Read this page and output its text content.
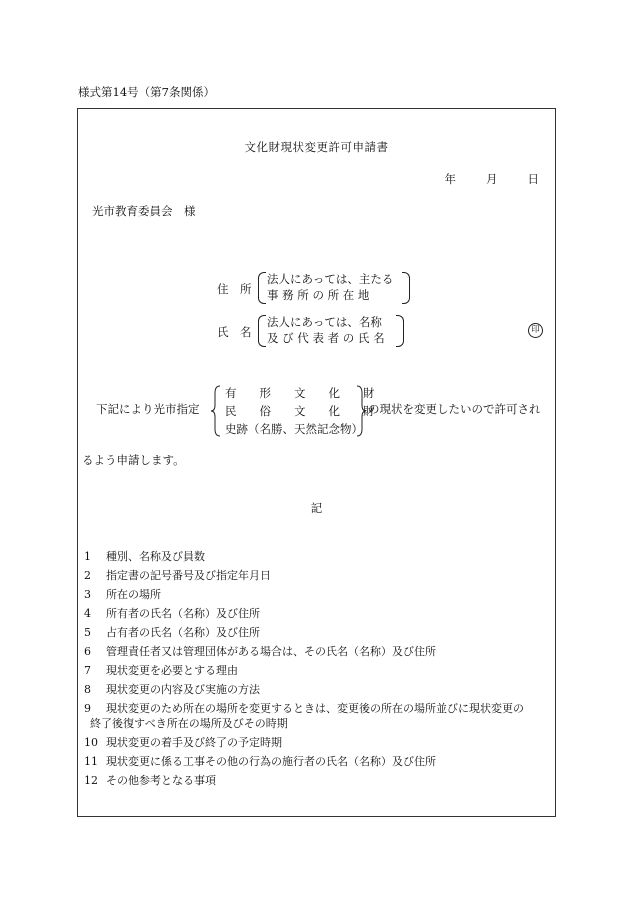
様式第14号（第7条関係）
文化財現状変更許可申請書
年	月	日
光市教育委員会　様
住　所
法人にあっては、主たる
事 務 所 の 所 在 地
氏　名
法人にあっては、名称
及 び 代 表 者 の 氏 名
印
下記により光市指定
有　　形　　文　　化　　財
民　　俗　　文　　化　　財
史跡（名勝、天然記念物）
の現状を変更したいので許可され
るよう申請します。
記
1 種別、名称及び員数
2 指定書の記号番号及び指定年月日
3 所在の場所
4 所有者の氏名（名称）及び住所
5 占有者の氏名（名称）及び住所
6 管理責任者又は管理団体がある場合は、その氏名（名称）及び住所
7 現状変更を必要とする理由
8 現状変更の内容及び実施の方法
9 現状変更のため所在の場所を変更するときは、変更後の所在の場所並びに現状変更の
終了後復すべき所在の場所及びその時期
10 現状変更の着手及び終了の予定時期
11 現状変更に係る工事その他の行為の施行者の氏名（名称）及び住所
12 その他参考となる事項
